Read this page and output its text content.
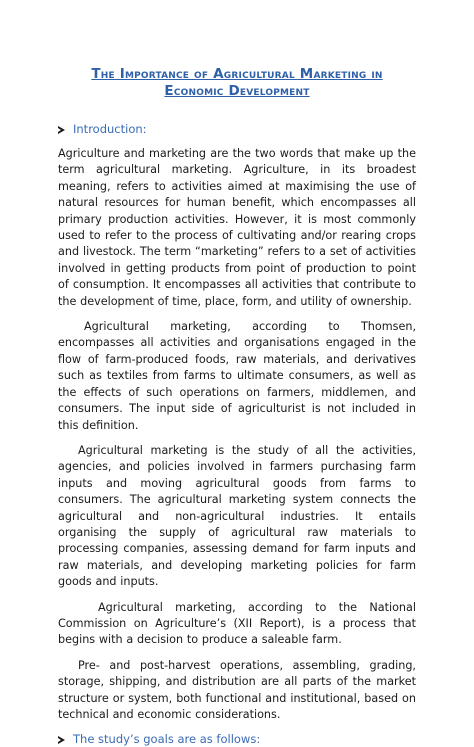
The Importance of Agricultural Marketing in
Economic Development
Introduction:

Agriculture and marketing are the two words that make up the term agricultural marketing. Agriculture, in its broadest meaning, refers to activities aimed at maximising the use of natural resources for human benefit, which encompasses all primary production activities. However, it is most commonly used to refer to the process of cultivating and/or rearing crops and livestock. The term “marketing” refers to a set of activities involved in getting products from point of production to point of consumption. It encompasses all activities that contribute to the development of time, place, form, and utility of ownership.

Agricultural marketing, according to Thomsen, encompasses all activities and organisations engaged in the flow of farm-produced foods, raw materials, and derivatives such as textiles from farms to ultimate consumers, as well as the effects of such operations on farmers, middlemen, and consumers. The input side of agriculturist is not included in this definition.

Agricultural marketing is the study of all the activities, agencies, and policies involved in farmers purchasing farm inputs and moving agricultural goods from farms to consumers. The agricultural marketing system connects the agricultural and non-agricultural industries. It entails organising the supply of agricultural raw materials to processing companies, assessing demand for farm inputs and raw materials, and developing marketing policies for farm goods and inputs.

Agricultural marketing, according to the National Commission on Agriculture’s (XII Report), is a process that begins with a decision to produce a saleable farm.

Pre- and post-harvest operations, assembling, grading, storage, shipping, and distribution are all parts of the market structure or system, both functional and institutional, based on technical and economic considerations.

The study’s goals are as follows:
